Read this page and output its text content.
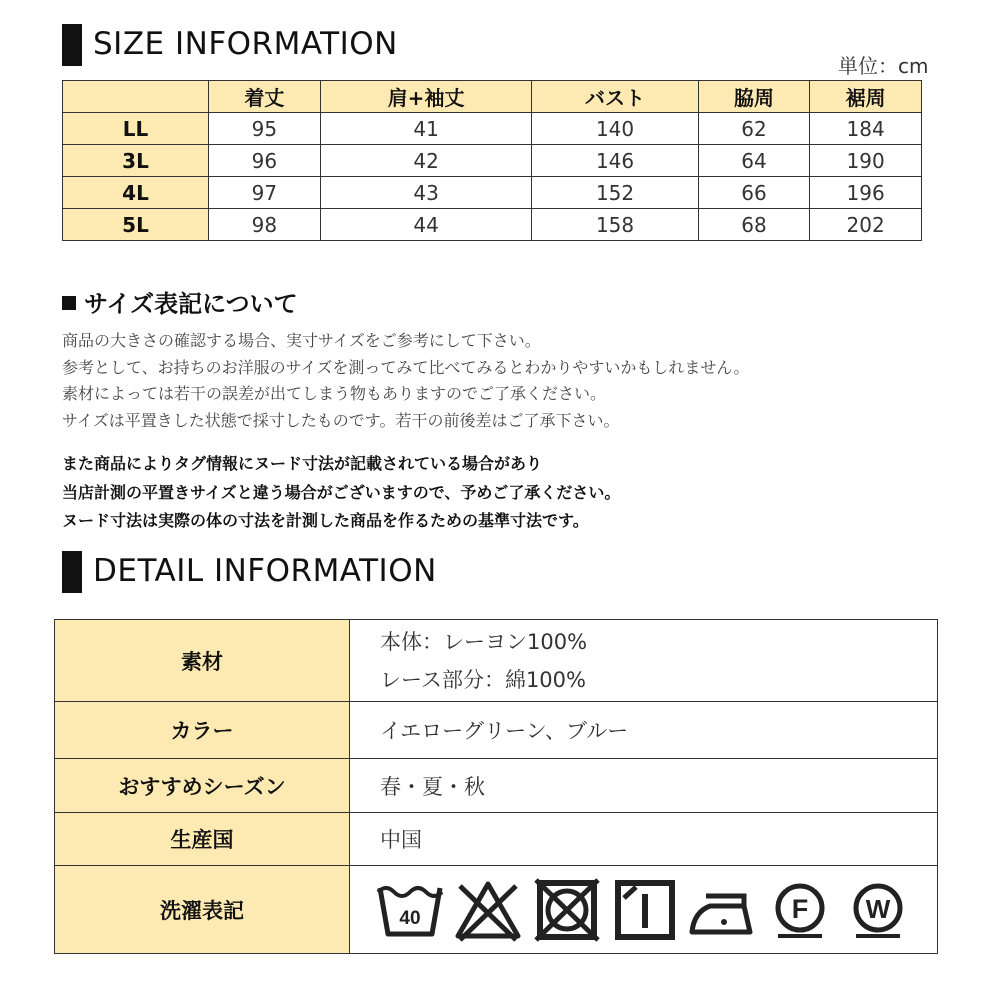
SIZE INFORMATION
単位：cm
	着丈	肩+袖丈	バスト	脇周	裾周
LL	95	41	140	62	184
3L	96	42	146	64	190
4L	97	43	152	66	196
5L	98	44	158	68	202
サイズ表記について

商品の大きさの確認する場合、実寸サイズをご参考にして下さい。

参考として、お持ちのお洋服のサイズを測ってみて比べてみるとわかりやすいかもしれません。

素材によっては若干の誤差が出てしまう物もありますのでご了承ください。

サイズは平置きした状態で採寸したものです。若干の前後差はご了承下さい。

また商品によりタグ情報にヌード寸法が記載されている場合があり

当店計測の平置きサイズと違う場合がございますので、予めご了承ください。

ヌード寸法は実際の体の寸法を計測した商品を作るための基準寸法です。

DETAIL INFORMATION
素材	本体：レーヨン100%
レース部分：綿100%

カラー	イエローグリーン、ブルー
おすすめシーズン	春・夏・秋
生産国	中国
洗濯表記	40 F W
